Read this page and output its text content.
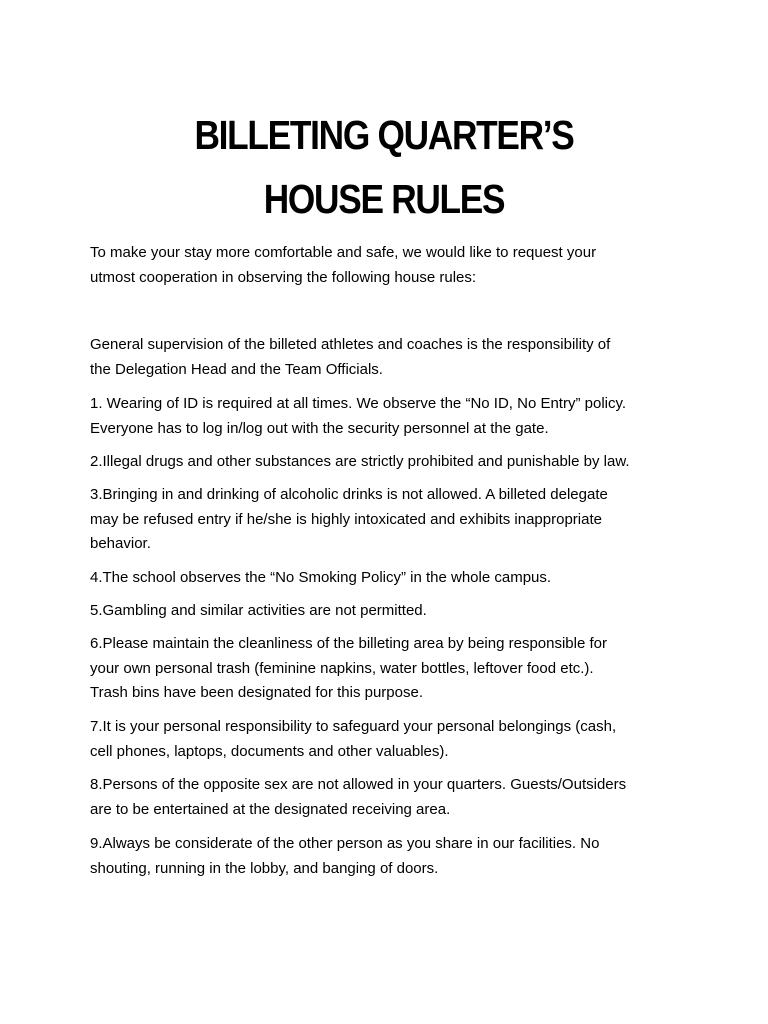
BILLETING QUARTER’S
HOUSE RULES

To make your stay more comfortable and safe, we would like to request your
utmost cooperation in observing the following house rules:

General supervision of the billeted athletes and coaches is the responsibility of
the Delegation Head and the Team Officials.

1. Wearing of ID is required at all times. We observe the “No ID, No Entry” policy.
Everyone has to log in/log out with the security personnel at the gate.

2.Illegal drugs and other substances are strictly prohibited and punishable by law.

3.Bringing in and drinking of alcoholic drinks is not allowed. A billeted delegate
may be refused entry if he/she is highly intoxicated and exhibits inappropriate
behavior.

4.The school observes the “No Smoking Policy” in the whole campus.

5.Gambling and similar activities are not permitted.

6.Please maintain the cleanliness of the billeting area by being responsible for
your own personal trash (feminine napkins, water bottles, leftover food etc.).
Trash bins have been designated for this purpose.

7.It is your personal responsibility to safeguard your personal belongings (cash,
cell phones, laptops, documents and other valuables).

8.Persons of the opposite sex are not allowed in your quarters. Guests/Outsiders
are to be entertained at the designated receiving area.

9.Always be considerate of the other person as you share in our facilities. No
shouting, running in the lobby, and banging of doors.
